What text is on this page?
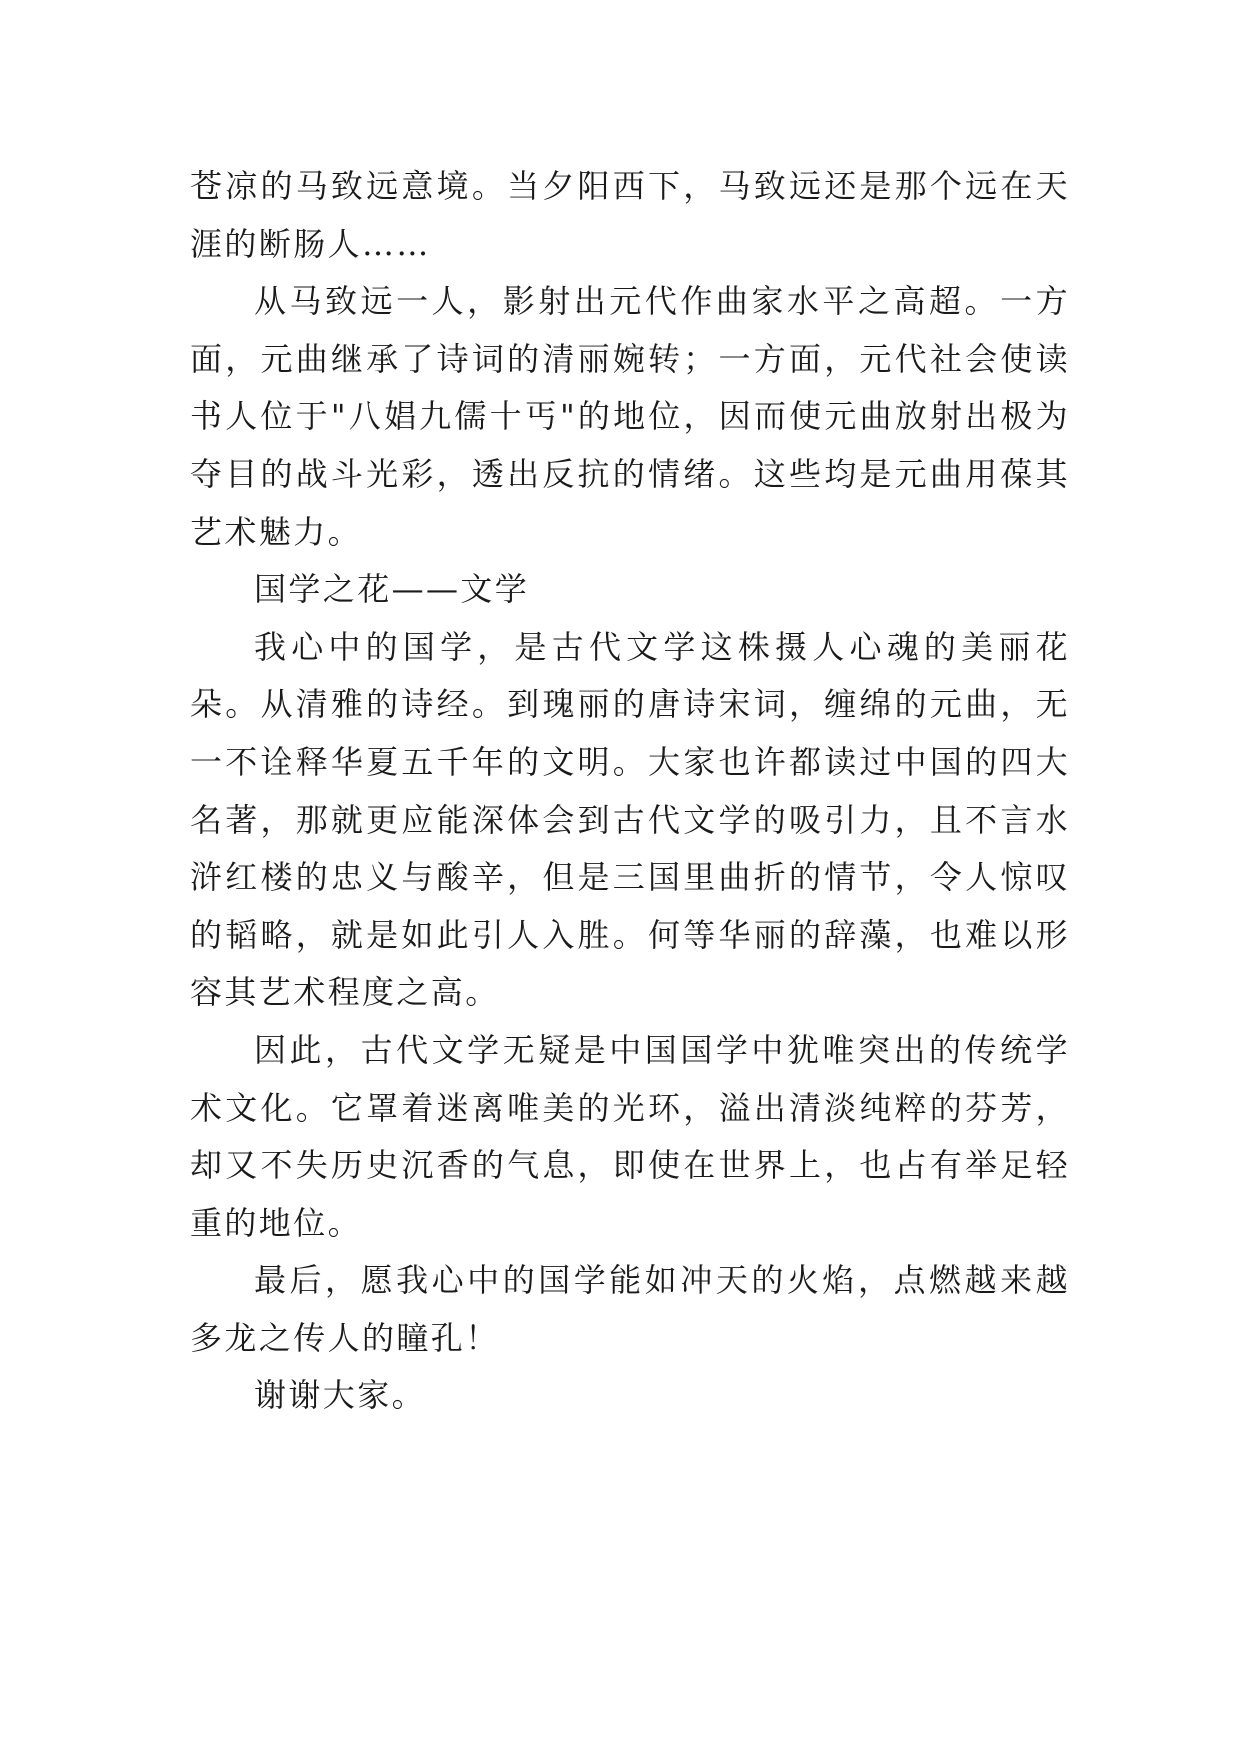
苍凉的马致远意境。当夕阳西下，马致远还是那个远在天涯的断肠人……

从马致远一人，影射出元代作曲家水平之高超。一方面，元曲继承了诗词的清丽婉转；一方面，元代社会使读书人位于"八娼九儒十丐"的地位，因而使元曲放射出极为夺目的战斗光彩，透出反抗的情绪。这些均是元曲用葆其艺术魅力。

国学之花——文学

我心中的国学，是古代文学这株摄人心魂的美丽花朵。从清雅的诗经。到瑰丽的唐诗宋词，缠绵的元曲，无一不诠释华夏五千年的文明。大家也许都读过中国的四大名著，那就更应能深体会到古代文学的吸引力，且不言水浒红楼的忠义与酸辛，但是三国里曲折的情节，令人惊叹的韬略，就是如此引人入胜。何等华丽的辞藻，也难以形容其艺术程度之高。

因此，古代文学无疑是中国国学中犹唯突出的传统学术文化。它罩着迷离唯美的光环，溢出清淡纯粹的芬芳，却又不失历史沉香的气息，即使在世界上，也占有举足轻重的地位。

最后，愿我心中的国学能如冲天的火焰，点燃越来越多龙之传人的瞳孔！

谢谢大家。
